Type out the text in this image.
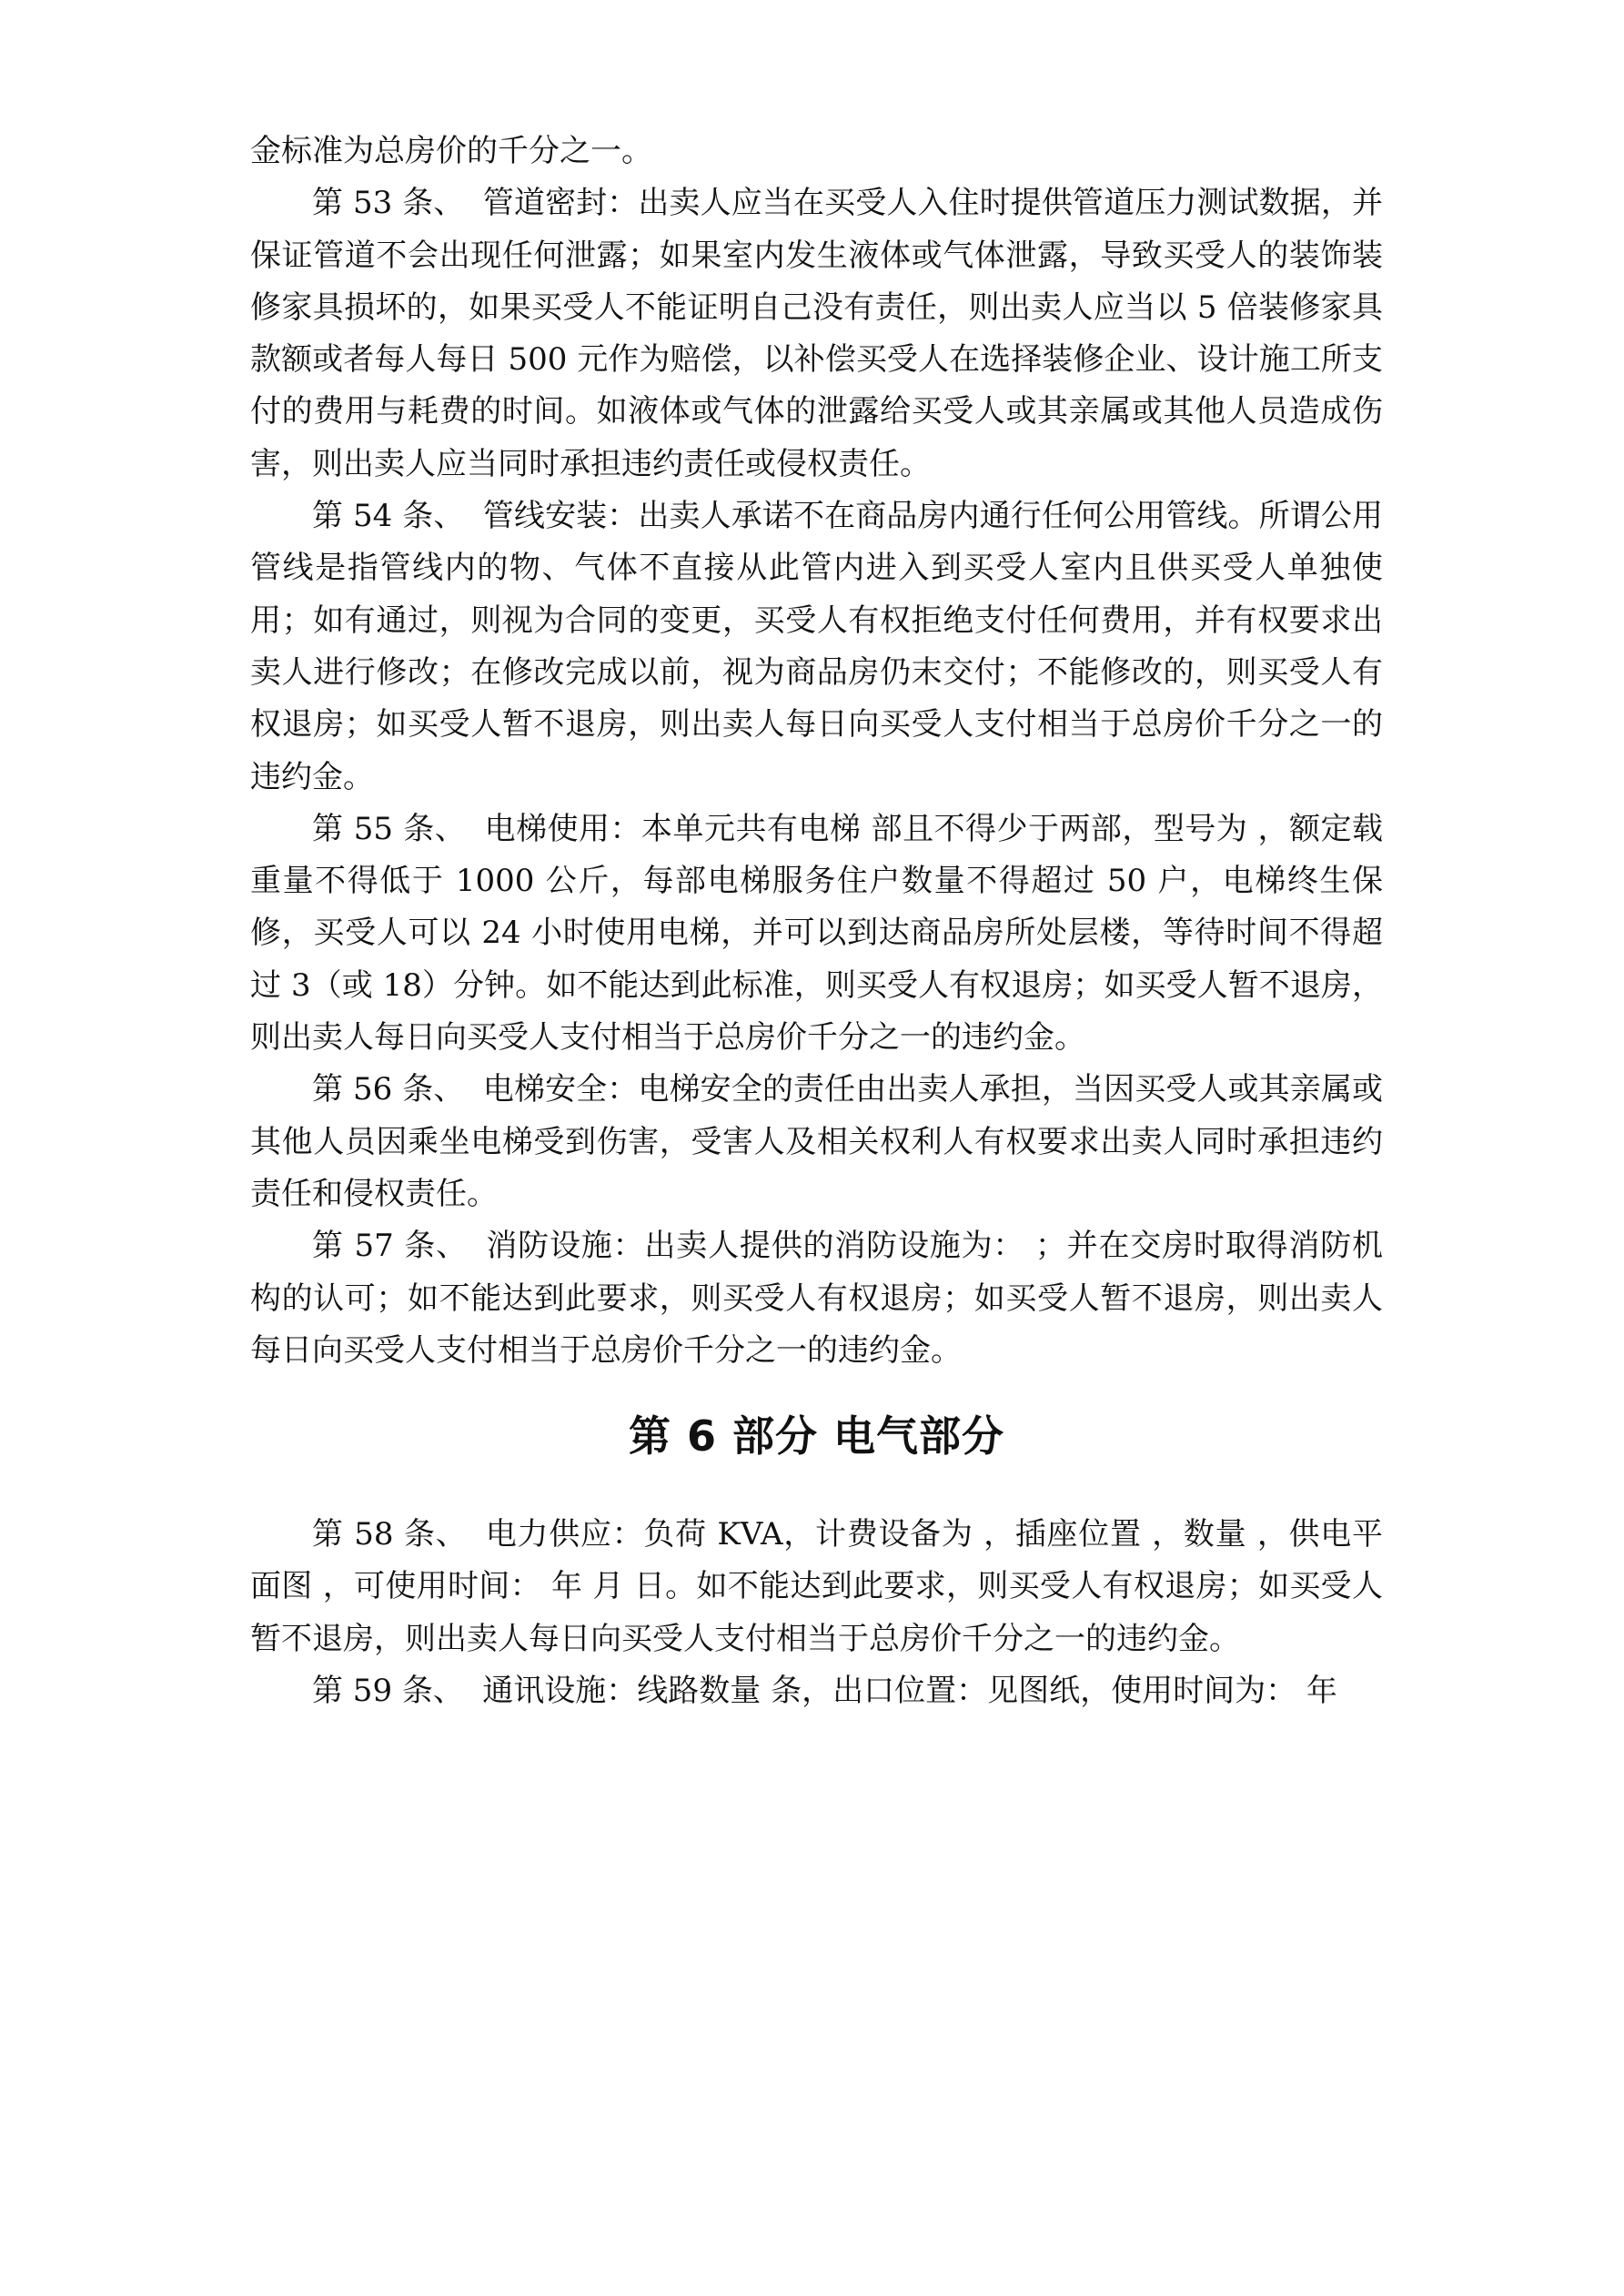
金标准为总房价的千分之一。

第 53 条、 管道密封：出卖人应当在买受人入住时提供管道压力测试数据，并保证管道不会出现任何泄露；如果室内发生液体或气体泄露，导致买受人的装饰装修家具损坏的，如果买受人不能证明自己没有责任，则出卖人应当以 5 倍装修家具款额或者每人每日 500 元作为赔偿，以补偿买受人在选择装修企业、设计施工所支付的费用与耗费的时间。如液体或气体的泄露给买受人或其亲属或其他人员造成伤害，则出卖人应当同时承担违约责任或侵权责任。

第 54 条、 管线安装：出卖人承诺不在商品房内通行任何公用管线。所谓公用管线是指管线内的物、气体不直接从此管内进入到买受人室内且供买受人单独使用；如有通过，则视为合同的变更，买受人有权拒绝支付任何费用，并有权要求出卖人进行修改；在修改完成以前，视为商品房仍末交付；不能修改的，则买受人有权退房；如买受人暂不退房，则出卖人每日向买受人支付相当于总房价千分之一的违约金。

第 55 条、 电梯使用：本单元共有电梯 部且不得少于两部，型号为 ，额定载重量不得低于 1000 公斤，每部电梯服务住户数量不得超过 50 户，电梯终生保修，买受人可以 24 小时使用电梯，并可以到达商品房所处层楼，等待时间不得超过 3（或 18）分钟。如不能达到此标准，则买受人有权退房；如买受人暂不退房，则出卖人每日向买受人支付相当于总房价千分之一的违约金。

第 56 条、 电梯安全：电梯安全的责任由出卖人承担，当因买受人或其亲属或其他人员因乘坐电梯受到伤害，受害人及相关权利人有权要求出卖人同时承担违约责任和侵权责任。

第 57 条、 消防设施：出卖人提供的消防设施为： ；并在交房时取得消防机构的认可；如不能达到此要求，则买受人有权退房；如买受人暂不退房，则出卖人每日向买受人支付相当于总房价千分之一的违约金。

第 6 部分 电气部分

第 58 条、 电力供应：负荷 KVA，计费设备为 ，插座位置 ，数量 ，供电平面图 ，可使用时间： 年 月 日。如不能达到此要求，则买受人有权退房；如买受人暂不退房，则出卖人每日向买受人支付相当于总房价千分之一的违约金。

第 59 条、 通讯设施：线路数量 条，出口位置：见图纸，使用时间为： 年
